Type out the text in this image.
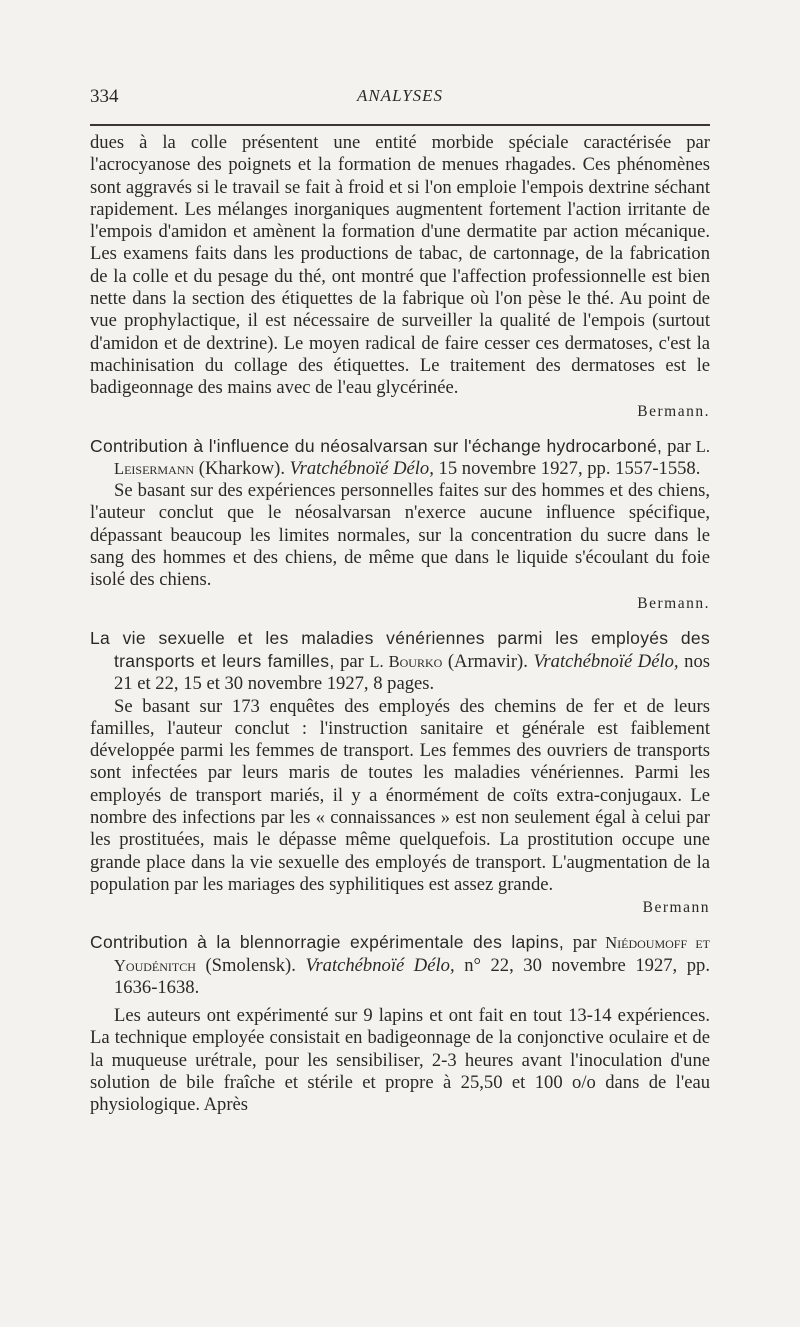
334	ANALYSES

dues à la colle présentent une entité morbide spéciale caractérisée par l'acrocyanose des poignets et la formation de menues rhagades. Ces phénomènes sont aggravés si le travail se fait à froid et si l'on emploie l'empois dextrine séchant rapidement. Les mélanges inorganiques augmentent fortement l'action irritante de l'empois d'amidon et amènent la formation d'une dermatite par action mécanique. Les examens faits dans les productions de tabac, de cartonnage, de la fabrication de la colle et du pesage du thé, ont montré que l'affection professionnelle est bien nette dans la section des étiquettes de la fabrique où l'on pèse le thé. Au point de vue prophylactique, il est nécessaire de surveiller la qualité de l'empois (surtout d'amidon et de dextrine). Le moyen radical de faire cesser ces dermatoses, c'est la machinisation du collage des étiquettes. Le traitement des dermatoses est le badigeonnage des mains avec de l'eau glycérinée.

Bermann.

Contribution à l'influence du néosalvarsan sur l'échange hydrocarboné, par L. Leisermann (Kharkow). Vratchébnoïé Délo, 15 novembre 1927, pp. 1557-1558.

Se basant sur des expériences personnelles faites sur des hommes et des chiens, l'auteur conclut que le néosalvarsan n'exerce aucune influence spécifique, dépassant beaucoup les limites normales, sur la concentration du sucre dans le sang des hommes et des chiens, de même que dans le liquide s'écoulant du foie isolé des chiens.

Bermann.

La vie sexuelle et les maladies vénériennes parmi les employés des transports et leurs familles, par L. Bourko (Armavir). Vratchébnoïé Délo, nos 21 et 22, 15 et 30 novembre 1927, 8 pages.

Se basant sur 173 enquêtes des employés des chemins de fer et de leurs familles, l'auteur conclut : l'instruction sanitaire et générale est faiblement développée parmi les femmes de transport. Les femmes des ouvriers de transports sont infectées par leurs maris de toutes les maladies vénériennes. Parmi les employés de transport mariés, il y a énormément de coïts extra-conjugaux. Le nombre des infections par les « connaissances » est non seulement égal à celui par les prostituées, mais le dépasse même quelquefois. La prostitution occupe une grande place dans la vie sexuelle des employés de transport. L'augmentation de la population par les mariages des syphilitiques est assez grande.

Bermann

Contribution à la blennorragie expérimentale des lapins, par Niédoumoff et Youdénitch (Smolensk). Vratchébnoïé Délo, n° 22, 30 novembre 1927, pp. 1636-1638.

Les auteurs ont expérimenté sur 9 lapins et ont fait en tout 13-14 expériences. La technique employée consistait en badigeonnage de la conjonctive oculaire et de la muqueuse urétrale, pour les sensibiliser, 2-3 heures avant l'inoculation d'une solution de bile fraîche et stérile et propre à 25,50 et 100 o/o dans de l'eau physiologique. Après
